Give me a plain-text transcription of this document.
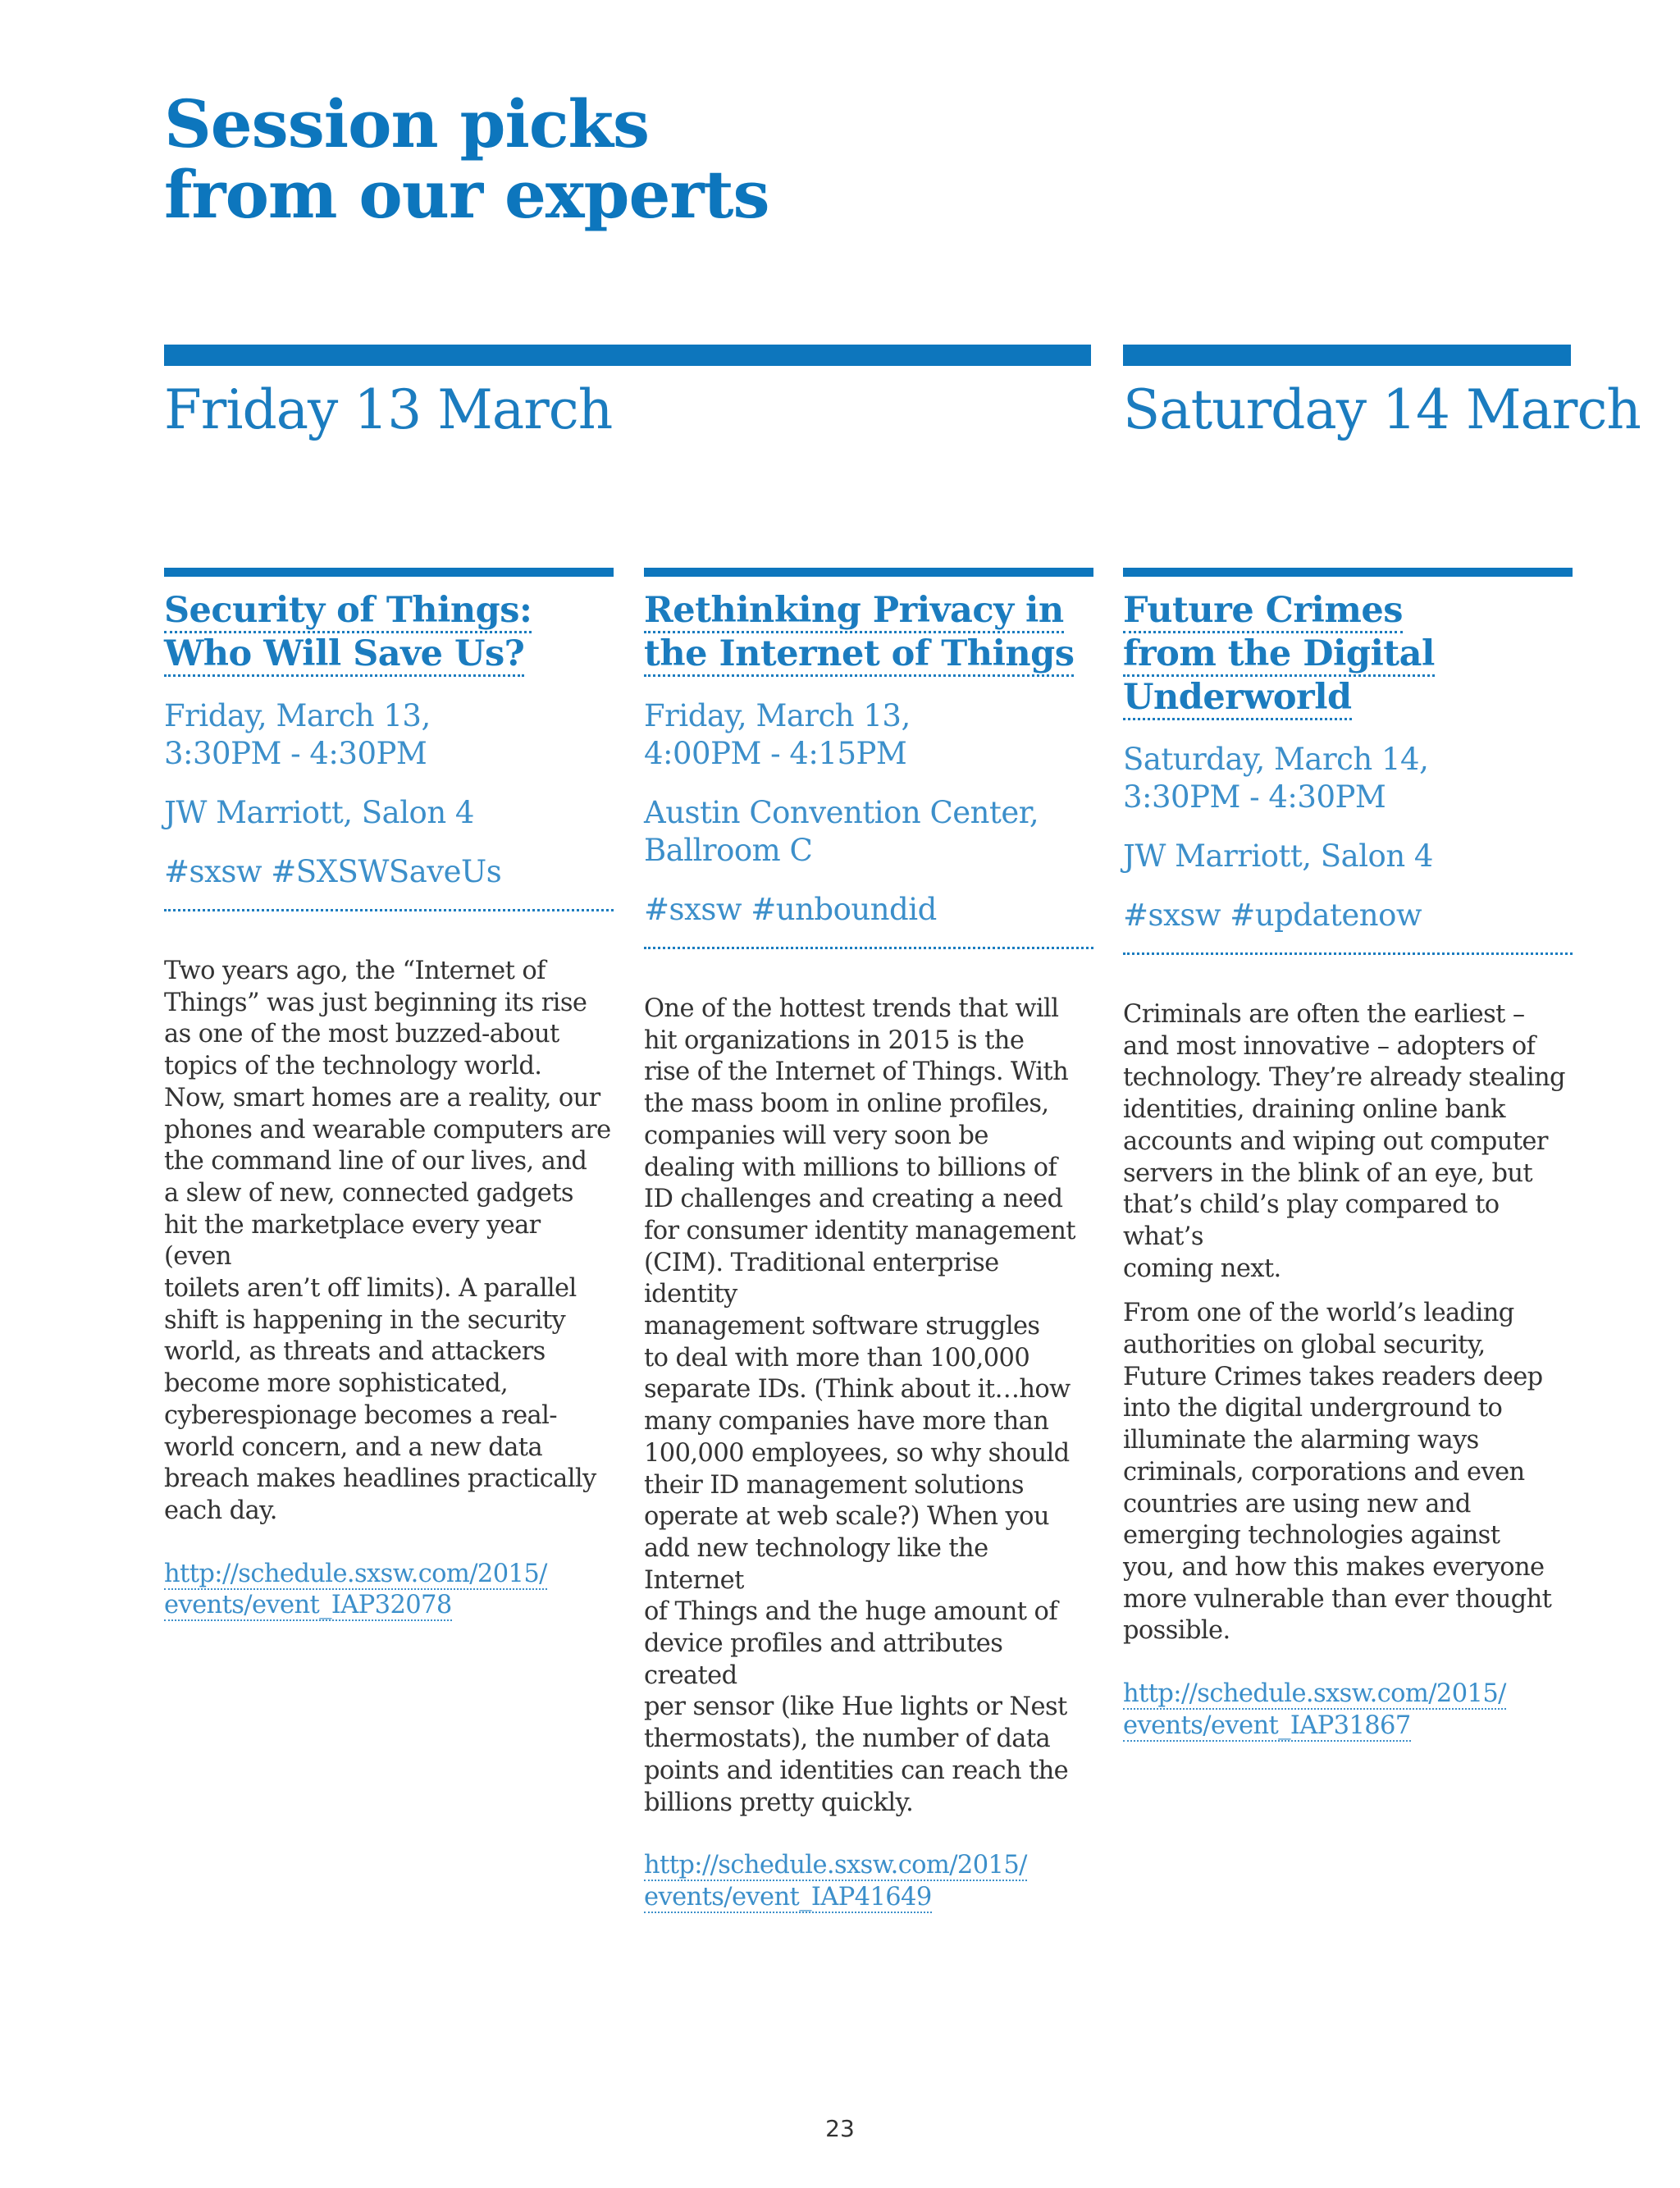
Session picks
from our experts
Friday 13 March	Saturday 14 March
Security of Things:
Who Will Save Us?

Friday, March 13,
3:30PM - 4:30PM

JW Marriott, Salon 4

#sxsw #SXSWSaveUs

Two years ago, the “Internet of
Things” was just beginning its rise
as one of the most buzzed-about
topics of the technology world.
Now, smart homes are a reality, our
phones and wearable computers are
the command line of our lives, and
a slew of new, connected gadgets
hit the marketplace every year (even
toilets aren’t off limits). A parallel
shift is happening in the security
world, as threats and attackers
become more sophisticated,
cyberespionage becomes a real-
world concern, and a new data
breach makes headlines practically
each day.

http://schedule.sxsw.com/2015/
events/event_IAP32078

Rethinking Privacy in
the Internet of Things

Friday, March 13,
4:00PM - 4:15PM

Austin Convention Center,
Ballroom C

#sxsw #unboundid

One of the hottest trends that will
hit organizations in 2015 is the
rise of the Internet of Things. With
the mass boom in online profiles,
companies will very soon be
dealing with millions to billions of
ID challenges and creating a need
for consumer identity management
(CIM). Traditional enterprise identity
management software struggles
to deal with more than 100,000
separate IDs. (Think about it…how
many companies have more than
100,000 employees, so why should
their ID management solutions
operate at web scale?) When you
add new technology like the Internet
of Things and the huge amount of
device profiles and attributes created
per sensor (like Hue lights or Nest
thermostats), the number of data
points and identities can reach the
billions pretty quickly.

http://schedule.sxsw.com/2015/
events/event_IAP41649

Future Crimes
from the Digital
Underworld

Saturday, March 14,
3:30PM - 4:30PM

JW Marriott, Salon 4

#sxsw #updatenow

Criminals are often the earliest –
and most innovative – adopters of
technology. They’re already stealing
identities, draining online bank
accounts and wiping out computer
servers in the blink of an eye, but
that’s child’s play compared to what’s
coming next.

From one of the world’s leading
authorities on global security,
Future Crimes takes readers deep
into the digital underground to
illuminate the alarming ways
criminals, corporations and even
countries are using new and
emerging technologies against
you, and how this makes everyone
more vulnerable than ever thought
possible.

http://schedule.sxsw.com/2015/
events/event_IAP31867

23
